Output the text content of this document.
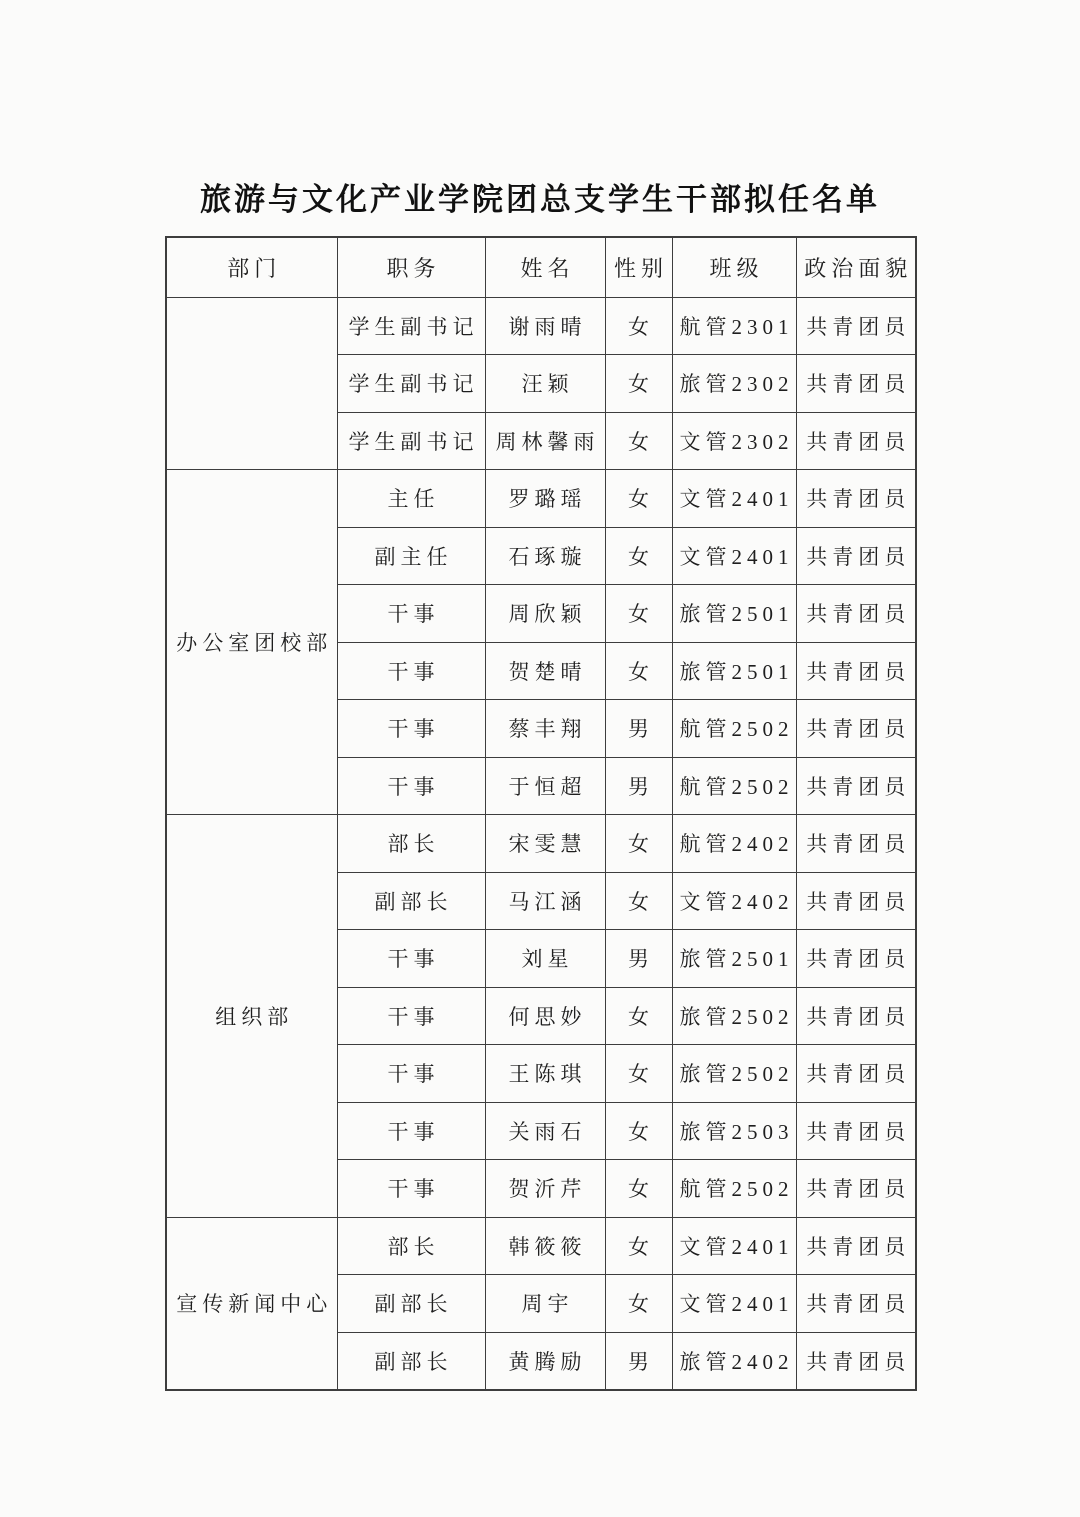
旅游与文化产业学院团总支学生干部拟任名单
部门	职务	姓名	性别	班级	政治面貌
	学生副书记	谢雨晴	女	航管2301	共青团员
	学生副书记	汪颖	女	旅管2302	共青团员
	学生副书记	周林馨雨	女	文管2302	共青团员
办公室团校部	主任	罗璐瑶	女	文管2401	共青团员
	副主任	石琢璇	女	文管2401	共青团员
	干事	周欣颖	女	旅管2501	共青团员
	干事	贺楚晴	女	旅管2501	共青团员
	干事	蔡丰翔	男	航管2502	共青团员
	干事	于恒超	男	航管2502	共青团员
组织部	部长	宋雯慧	女	航管2402	共青团员
	副部长	马江涵	女	文管2402	共青团员
	干事	刘星	男	旅管2501	共青团员
	干事	何思妙	女	旅管2502	共青团员
	干事	王陈琪	女	旅管2502	共青团员
	干事	关雨石	女	旅管2503	共青团员
	干事	贺沂芹	女	航管2502	共青团员
宣传新闻中心	部长	韩筱筱	女	文管2401	共青团员
	副部长	周宇	女	文管2401	共青团员
	副部长	黄腾励	男	旅管2402	共青团员
